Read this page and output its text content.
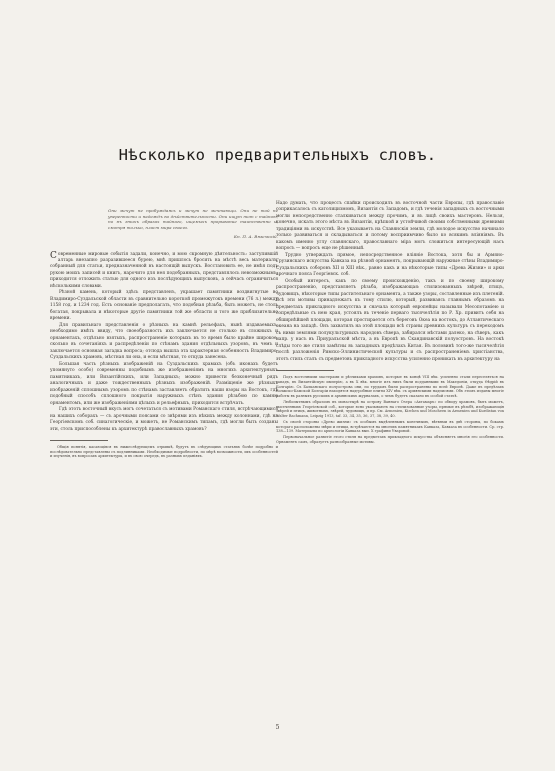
Нѣсколько предварительныхъ словъ.
Они мечут не пробуждаясь и мечут не мечтающи. Они не той не уверенности и надеждъ во дѣйствительности. Они ищут тот с тайною, но въ этихъ образах тайнаго, ищемыхъ прорывание таинственно и, смотря только, пласт мира своего.
Кн. П. А. Вяземскій.

Современные мировые событія задали, конечно, и мою скромную дѣятельность: заступившій алтарь внезапно разразившееся бурею, мнѣ пришлось бросить на мѣстѣ весь материалъ, собранный для статьи, предназначенной въ настоящій выпускъ. Восстановить ее, не имѣя подъ рукою моихъ записей и книгъ, нарочито для нея подобранныхъ, представлялось невозможнымъ; приходится отложить статью для одного изъ послѣдующихъ выпусковъ, а сейчасъ ограничиться нѣсколькими словами.

Рѣзной камень, который здѣсь представленъ, украшает памятники воздвигнутые во Владимиро-Суздальской области въ сравнительно короткой промежутокъ времени (76 л.) между 1158 год. и 1234 год. Есть основаніе предполагать, что подобная рѣзьба, быть можетъ, не столь богатая, покрывала и нѣкоторые другіе памятники той же области и того же приблизительно времени.

Для правильнаго представленія о рѣзныхъ на камнѣ рельефахъ, нынѣ издаваемыхъ, необходимо имѣть ввиду, что своеобразность ихъ заключается не столько въ сложныхъ и орнаментахъ, отдѣльно взятыхъ, распространеніе которыхъ въ то время было крайне широкое, сколько въ сочетаніяхъ и распредѣленіи по стѣнамъ здания отдѣльныхъ узоровъ, въ чемъ и заключается основная загадка вопроса; отсюда вышла эта характерная особенность Владимиро-Суздальскихъ храмовъ, мѣстная ли она, и если мѣстная, то откуда занесена.

Большая часть рѣзныхъ изображеній на Суздальскихъ храмахъ (объ иконахъ будетъ упомянуто особо) современны подобнымъ же изображеніямъ на многихъ архитектурныхъ памятникахъ, или Византійскихъ, или Западныхъ; можно привести безконечный рядъ аналогичныхъ и даже тождественныхъ рѣзныхъ изображеній. Разміщеніе же рѣзныхъ изображеній сплошнымъ узоромъ по стѣнамъ заставляетъ обратить наши взоры на Востокъ, гдѣ подобный способъ сплошного покрытія наружныхъ стѣнъ здания рѣзьбою по камню орнаментомъ, или же изображеніями цѣлыхъ и рельефныхъ, приходится встрѣчать.

Гдѣ этотъ восточный вкусъ могъ сочетаться съ мотивами Романскаго стиля, встрѣчающимися на нашихъ соборахъ — съ арочными поясами со звѣрями изъ нѣкихъ между колоннами, гдѣ на Георгіевскомъ соб. синагогическіе, и можетъ, не Романскимъ типамъ, гдѣ могли быть созданы эти, столь приспособлены къ архитектурѣ православныхъ храмовъ?

Общія понятія, касающіяся въ нижеслѣдующемъ отрывкѣ, будутъ въ слѣдующихъ статьяхъ болѣе подробно и послѣдовательно представлены съ подлинниками. Необходимые подробности, по мѣрѣ возможности, ихъ особенностей и изученія, въ вопросахъ архитектуры, и въ свою очередь, въ разныхъ изданіяхъ.

Надо думать, что процессъ спайки происходилъ въ восточной части Европы, гдѣ православіе соприкасалось съ католицизмомъ, Византія съ Западомъ, и гдѣ теченія западныхъ съ восточными могли непосредственно сталкиваться между прочимъ, и въ лицѣ своихъ мастеровъ. Нельзя, конечно, искать этого мѣста въ Византіи, крѣпкой и устойчивой своими собственными древними традиціями въ искусствѣ. Все указываетъ на Славянскія земли, гдѣ молодое искусство начинало только развиваться и складываться и потому восприимчиво было ко всякимъ вліяніямъ. Въ какомъ именно углу славянскаго, православнаго міра могъ сложиться интересующій насъ вопросъ — вопросъ еще не рѣшенный.

Трудно утверждать прямое, непосредственное вліяніе Востока, хотя бы и Армяно-Грузинскаго искусства Кавказа на рѣзной орнаментъ, покрывающій наружные стѣны Владимиро-Суздальскихъ соборовъ XII и XIII вѣк., равно какъ и на нѣкоторые типы «Древа Жизни» и арки арочнаго пояса Георгіевск. соб.

Особый интересъ, какъ по своему происхожденію, такъ и по своему широкому распространенію, представляетъ рѣзьба, изображающая: стилизованныхъ звѣрей, птицъ, чудовищъ, нѣкоторые типы растительнаго орнамента, а также узоры, составленные изъ плетеній. Всѣ эти мотивы принадлежатъ къ тому стилю, который, развиваясь главнымъ образомъ на предметахъ прикладного искусства и сначала который европейцы называли Месопотаміею и сопредѣльные съ нею края, устоялъ въ теченіе перваго тысячелѣтія по Р. Хр. привитъ себя на обширнѣйшей площади, которая простирается отъ береговъ Океа на востокъ, до Атлантическаго океана на западѣ. Онъ захватилъ на этой площади всѣ страны древнихъ культуръ съ переходомъ съ ними землями полукультурныхъ народовъ сѣвера, забирался мѣстами далеко, на сѣверъ, какъ напр. у насъ въ Приуральской мѣста, а въ Европѣ въ Скандинавскій полуостровъ. На востокѣ слѣды того же стиля замѣтны въ западныхъ предѣлахъ Китая. Въ половинѣ того-же тысячелѣтія послѣ разложенія Римско-Эллинистической культуры и съ распространеніемъ христіанства, этотъ стиль сталъ съ предметовъ прикладного искусства усиленно проникать въ архитектуру на

Подъ восточными мастерами и рѣзчиками храмовъ, которые въ концѣ VIII вѣк. усиленно стали переселяться на западъ, въ Византійскую имперію, а въ X вѣк. многіе изъ нихъ были подданными въ Македоніи, откуда Ѳѣдрій въ Болгарію. Съ Балканскаго полуострова они, по трудамъ были распространены по всей Европѣ. Даже въ предѣлахъ Волжско-Камской Болгаріи находятся надгробные плиты XIV вѣк. съ армянскими надписями. Объ этомъ изданы многіе работы въ разныхъ русскихъ и армянскихъ журналахъ, о чемъ будетъ сказано въ особой статьѣ.
Любопытнымъ образомъ въ монастырѣ на острову Ваннаго Озера «Ахтамаръ» по обводу храмовъ, быть можетъ, высеченныхъ Георгіевской соб., которые ясно указываютъ на стилизованные узоры, прямые въ рѣзьбѣ, изображающія звѣрей и птицъ, животныхъ, звѣрей, чудовищъ, и пр. См. Armenien, Kirchen und Moscheen in Armenien und Kurdistan von Walter Bachmann, Leipzig 1913, taf. 33, 34, 35, 36, 37, 38, 39, 40.
Съ своей стороны «Древо жизни» съ особымъ выдѣленнымъ конечнымъ, вѣтвями въ двѣ стороны, по бокамъ котораго расположены звѣри и птицы, встрѣчаются на многихъ памятникахъ Кавказа, Кавказа въ особенности. Ср. стр. 138—139. Материалы по археологіи Кавказа вып. X графини Уваровой.
Первоначальное развитіе этого стиля на предметахъ прикладного искусства объясняетъ многія его особенности. Орнаментъ самъ, образуетъ разнообразные мотивы.
5
